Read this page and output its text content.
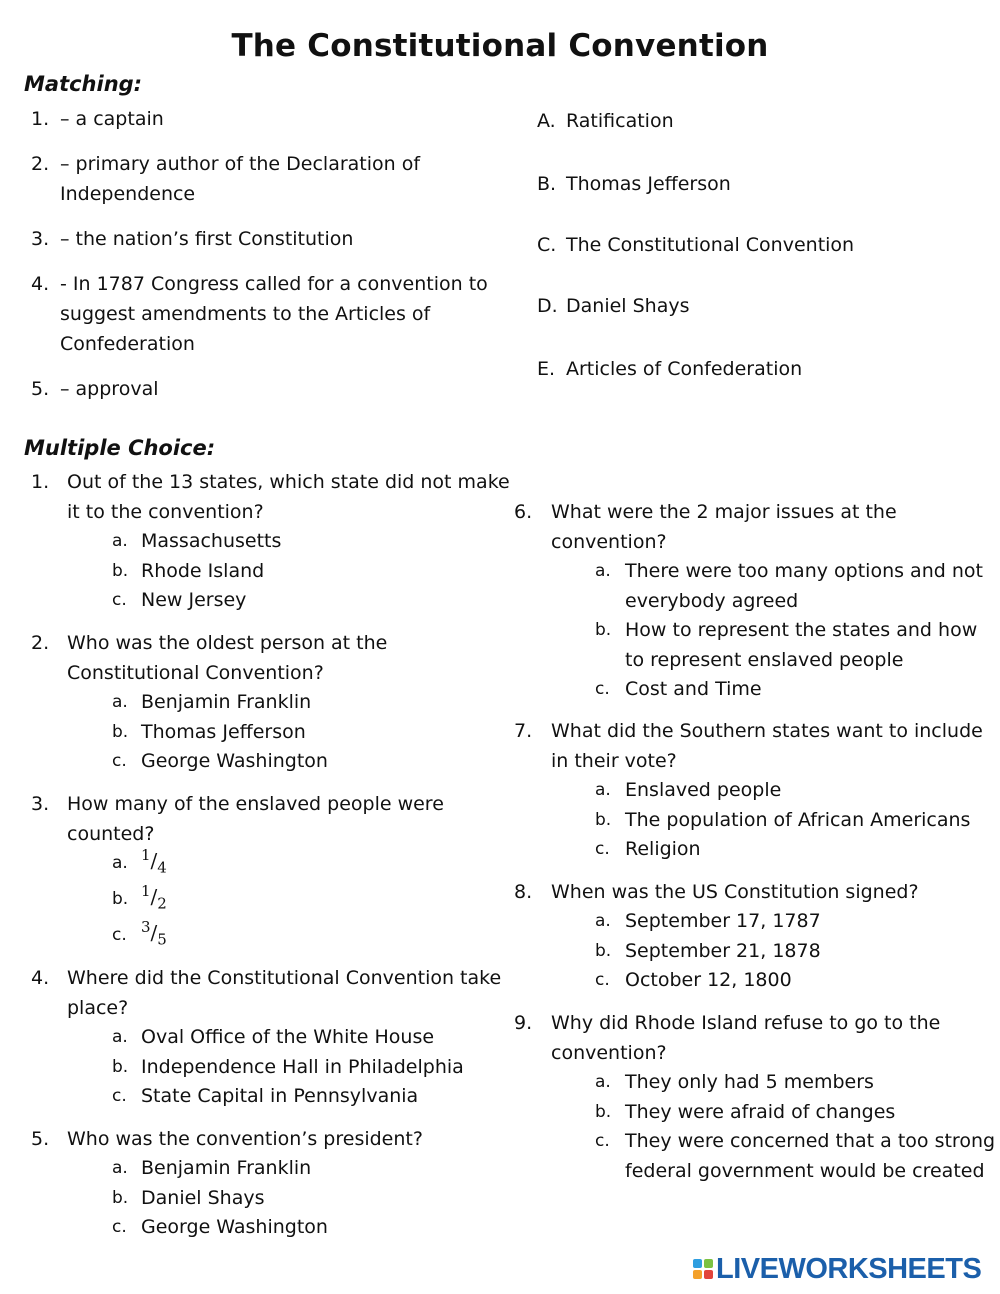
The Constitutional Convention
Matching:
1. – a captain
2. – primary author of the Declaration of
Independence
3. – the nation’s first Constitution
4. - In 1787 Congress called for a convention to
suggest amendments to the Articles of
Confederation
5. – approval
A. Ratification
B. Thomas Jefferson
C. The Constitutional Convention
D. Daniel Shays
E. Articles of Confederation
Multiple Choice:
1. Out of the 13 states, which state did not make
it to the convention?
a. Massachusetts
b. Rhode Island
c. New Jersey
2. Who was the oldest person at the
Constitutional Convention?
a. Benjamin Franklin
b. Thomas Jefferson
c. George Washington
3. How many of the enslaved people were
counted?
a. $^1/_4$
b. $^1/_2$
c. $^3/_5$
4. Where did the Constitutional Convention take
place?
a. Oval Office of the White House
b. Independence Hall in Philadelphia
c. State Capital in Pennsylvania
5. Who was the convention’s president?
a. Benjamin Franklin
b. Daniel Shays
c. George Washington
6. What were the 2 major issues at the
convention?
a. There were too many options and not
everybody agreed
b. How to represent the states and how
to represent enslaved people
c. Cost and Time
7. What did the Southern states want to include
in their vote?
a. Enslaved people
b. The population of African Americans
c. Religion
8. When was the US Constitution signed?
a. September 17, 1787
b. September 21, 1878
c. October 12, 1800
9. Why did Rhode Island refuse to go to the
convention?
a. They only had 5 members
b. They were afraid of changes
c. They were concerned that a too strong
federal government would be created
LIVEWORKSHEETS
